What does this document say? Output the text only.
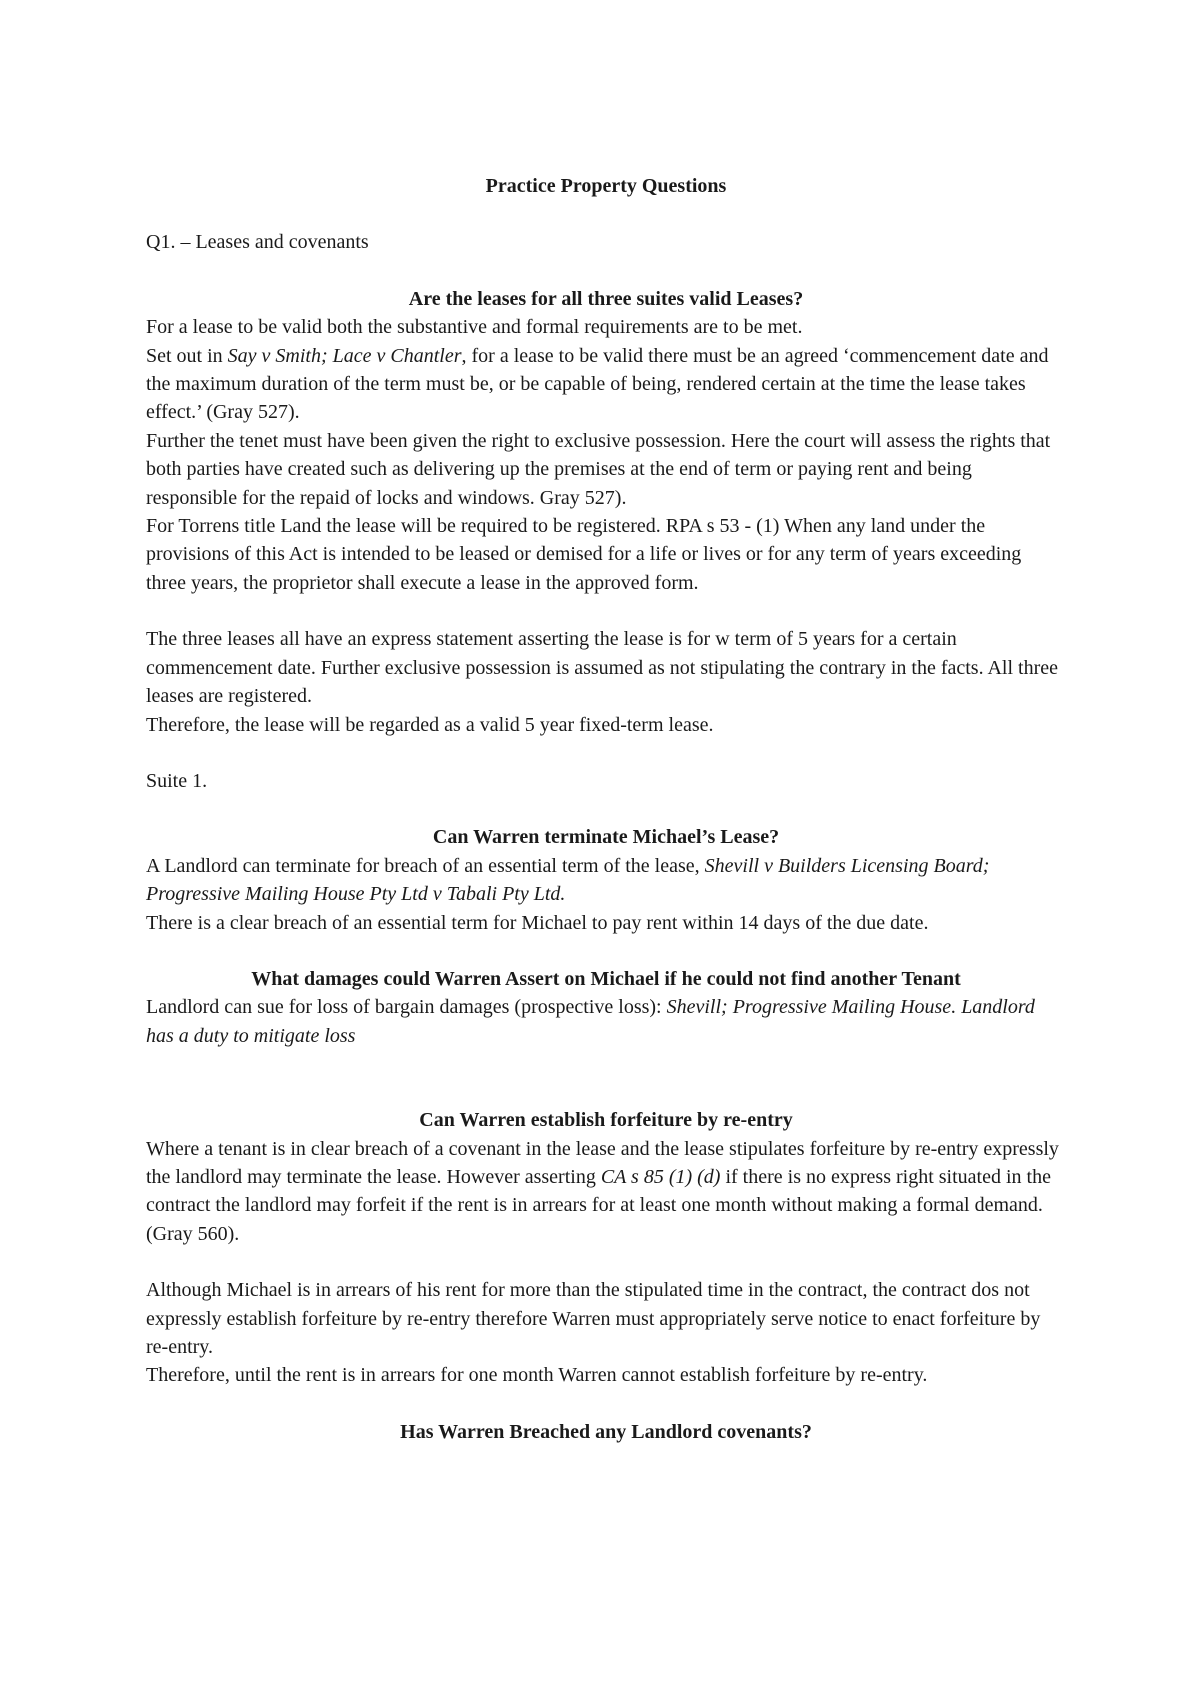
Practice Property Questions

Q1. – Leases and covenants

Are the leases for all three suites valid Leases?

For a lease to be valid both the substantive and formal requirements are to be met.

Set out in Say v Smith; Lace v Chantler, for a lease to be valid there must be an agreed ‘commencement date and the maximum duration of the term must be, or be capable of being, rendered certain at the time the lease takes effect.’ (Gray 527).

Further the tenet must have been given the right to exclusive possession. Here the court will assess the rights that both parties have created such as delivering up the premises at the end of term or paying rent and being responsible for the repaid of locks and windows. Gray 527).

For Torrens title Land the lease will be required to be registered. RPA s 53 - (1) When any land under the provisions of this Act is intended to be leased or demised for a life or lives or for any term of years exceeding three years, the proprietor shall execute a lease in the approved form.

The three leases all have an express statement asserting the lease is for w term of 5 years for a certain commencement date. Further exclusive possession is assumed as not stipulating the contrary in the facts. All three leases are registered.

Therefore, the lease will be regarded as a valid 5 year fixed-term lease.

Suite 1.

Can Warren terminate Michael’s Lease?

A Landlord can terminate for breach of an essential term of the lease, Shevill v Builders Licensing Board; Progressive Mailing House Pty Ltd v Tabali Pty Ltd.

There is a clear breach of an essential term for Michael to pay rent within 14 days of the due date.

What damages could Warren Assert on Michael if he could not find another Tenant

Landlord can sue for loss of bargain damages (prospective loss): Shevill; Progressive Mailing House. Landlord has a duty to mitigate loss

Can Warren establish forfeiture by re-entry

Where a tenant is in clear breach of a covenant in the lease and the lease stipulates forfeiture by re-entry expressly the landlord may terminate the lease. However asserting CA s 85 (1) (d) if there is no express right situated in the contract the landlord may forfeit if the rent is in arrears for at least one month without making a formal demand. (Gray 560).

Although Michael is in arrears of his rent for more than the stipulated time in the contract, the contract dos not expressly establish forfeiture by re-entry therefore Warren must appropriately serve notice to enact forfeiture by re-entry.

Therefore, until the rent is in arrears for one month Warren cannot establish forfeiture by re-entry.

Has Warren Breached any Landlord covenants?
